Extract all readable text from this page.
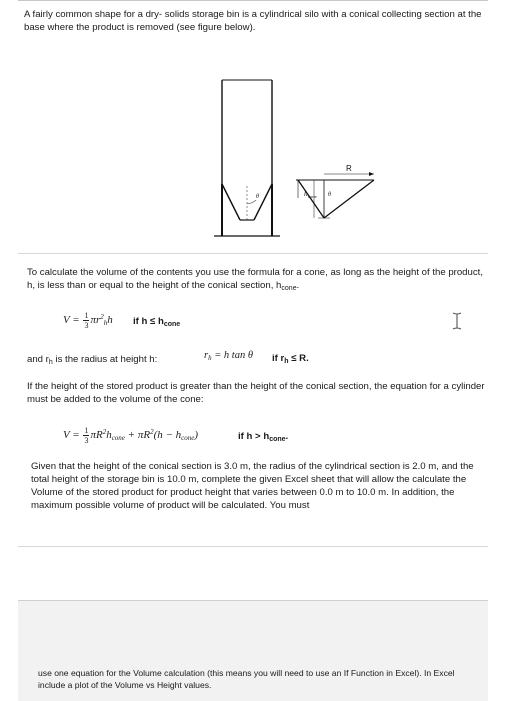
A fairly common shape for a dry- solids storage bin is a cylindrical silo with a conical collecting section at the base where the product is removed (see figure below).
R
h cone
θ	θ
To calculate the volume of the contents you use the formula for a cone, as long as the height of the product, h, is less than or equal to the height of the conical section, $h_{cone}$.
$V = \frac{1}{3} \pi r^2hh$ if $h \le h_{cone}$
and $r_h$ is the radius at height h:	rh = h tan θ if $r_h \le R$.
If the height of the stored product is greater than the height of the conical section, the equation for a cylinder must be added to the volume of the cone:
$V = \frac{1}{3}$ $\pi R^2hcone + \pi R^2(h$ − hcone)	if $h > h_{cone}$.
Given that the height of the conical section is 3.0 m, the radius of the cylindrical section is 2.0 m, and the total height of the storage bin is 10.0 m, complete the given Excel sheet that will allow the calculate the Volume of the stored product for product height that varies between 0.0 m to 10.0 m. In addition, the maximum possible volume of product will be calculated. You must
use one equation for the Volume calculation (this means you will need to use an If Function in Excel). In Excel include a plot of the Volume vs Height values.
